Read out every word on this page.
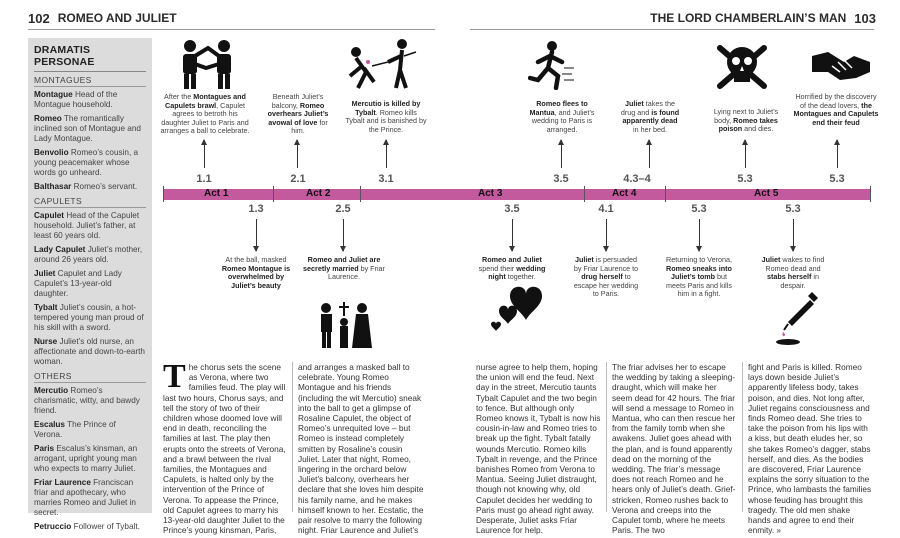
102 ROMEO AND JULIET	THE LORD CHAMBERLAIN’S MAN 103
DRAMATIS
PERSONAE
MONTAGUES
Montague Head of the Montague household.
Romeo The romantically inclined son of Montague and Lady Montague.
Benvolio Romeo’s cousin, a young peacemaker whose words go unheard.
Balthasar Romeo’s servant.
CAPULETS
Capulet Head of the Capulet household. Juliet’s father, at least 60 years old.
Lady Capulet Juliet’s mother, around 26 years old.
Juliet Capulet and Lady Capulet’s 13-year-old daughter.
Tybalt Juliet’s cousin, a hot-tempered young man proud of his skill with a sword.
Nurse Juliet’s old nurse, an affectionate and down-to-earth woman.
OTHERS
Mercutio Romeo’s charismatic, witty, and bawdy friend.
Escalus The Prince of Verona.
Paris Escalus’s kinsman, an arrogant, upright young man who expects to marry Juliet.
Friar Laurence Franciscan friar and apothecary, who marries Romeo and Juliet in secret.
Petruccio Follower of Tybalt.
Act 1	Act 2	Act 3	Act 4	Act 5
1.1	2.1	3.1	3.5	4.3–4	5.3	5.3
After the Montagues and Capulets brawl, Capulet agrees to betroth his daughter Juliet to Paris and arranges a ball to celebrate.
Beneath Juliet’s balcony, Romeo overhears Juliet’s avowal of love for him.
Mercutio is killed by Tybalt. Romeo kills Tybalt and is banished by the Prince.
Romeo flees to Mantua, and Juliet’s wedding to Paris is arranged.
Juliet takes the drug and is found apparently dead in her bed.
Lying next to Juliet’s body, Romeo takes poison and dies.
Horrified by the discovery of the dead lovers, the Montagues and Capulets end their feud
1.3	2.5	3.5	4.1	5.3	5.3
At the ball, masked Romeo Montague is overwhelmed by Juliet’s beauty
Romeo and Juliet are secretly married by Friar Laurence.
Romeo and Juliet spend their wedding night together.
Juliet is persuaded by Friar Laurence to drug herself to escape her wedding to Paris.
Returning to Verona, Romeo sneaks into Juliet’s tomb but meets Paris and kills him in a fight.
Juliet wakes to find Romeo dead and stabs herself in despair.
The chorus sets the scene as Verona, where two families feud. The play will last two hours, Chorus says, and tell the story of two of their children whose doomed love will end in death, reconciling the families at last. The play then erupts onto the streets of Verona, and a brawl between the rival families, the Montagues and Capulets, is halted only by the intervention of the Prince of Verona. To appease the Prince, old Capulet agrees to marry his 13-year-old daughter Juliet to the Prince’s young kinsman, Paris,
and arranges a masked ball to celebrate. Young Romeo Montague and his friends (including the wit Mercutio) sneak into the ball to get a glimpse of Rosaline Capulet, the object of Romeo’s unrequited love – but Romeo is instead completely smitten by Rosaline’s cousin Juliet. Later that night, Romeo, lingering in the orchard below Juliet’s balcony, overhears her declare that she loves him despite his family name, and he makes himself known to her. Ecstatic, the pair resolve to marry the following night. Friar Laurence and Juliet’s
nurse agree to help them, hoping the union will end the feud. Next day in the street, Mercutio taunts Tybalt Capulet and the two begin to fence. But although only Romeo knows it, Tybalt is now his cousin-in-law and Romeo tries to break up the fight. Tybalt fatally wounds Mercutio. Romeo kills Tybalt in revenge, and the Prince banishes Romeo from Verona to Mantua. Seeing Juliet distraught, though not knowing why, old Capulet decides her wedding to Paris must go ahead right away. Desperate, Juliet asks Friar Laurence for help.
The friar advises her to escape the wedding by taking a sleeping-draught, which will make her seem dead for 42 hours. The friar will send a message to Romeo in Mantua, who can then rescue her from the family tomb when she awakens. Juliet goes ahead with the plan, and is found apparently dead on the morning of the wedding. The friar’s message does not reach Romeo and he hears only of Juliet’s death. Grief-stricken, Romeo rushes back to Verona and creeps into the Capulet tomb, where he meets Paris. The two
fight and Paris is killed. Romeo lays down beside Juliet’s apparently lifeless body, takes poison, and dies. Not long after, Juliet regains consciousness and finds Romeo dead. She tries to take the poison from his lips with a kiss, but death eludes her, so she takes Romeo’s dagger, stabs herself, and dies. As the bodies are discovered, Friar Laurence explains the sorry situation to the Prince, who lambasts the families whose feuding has brought this tragedy. The old men shake hands and agree to end their enmity. »
